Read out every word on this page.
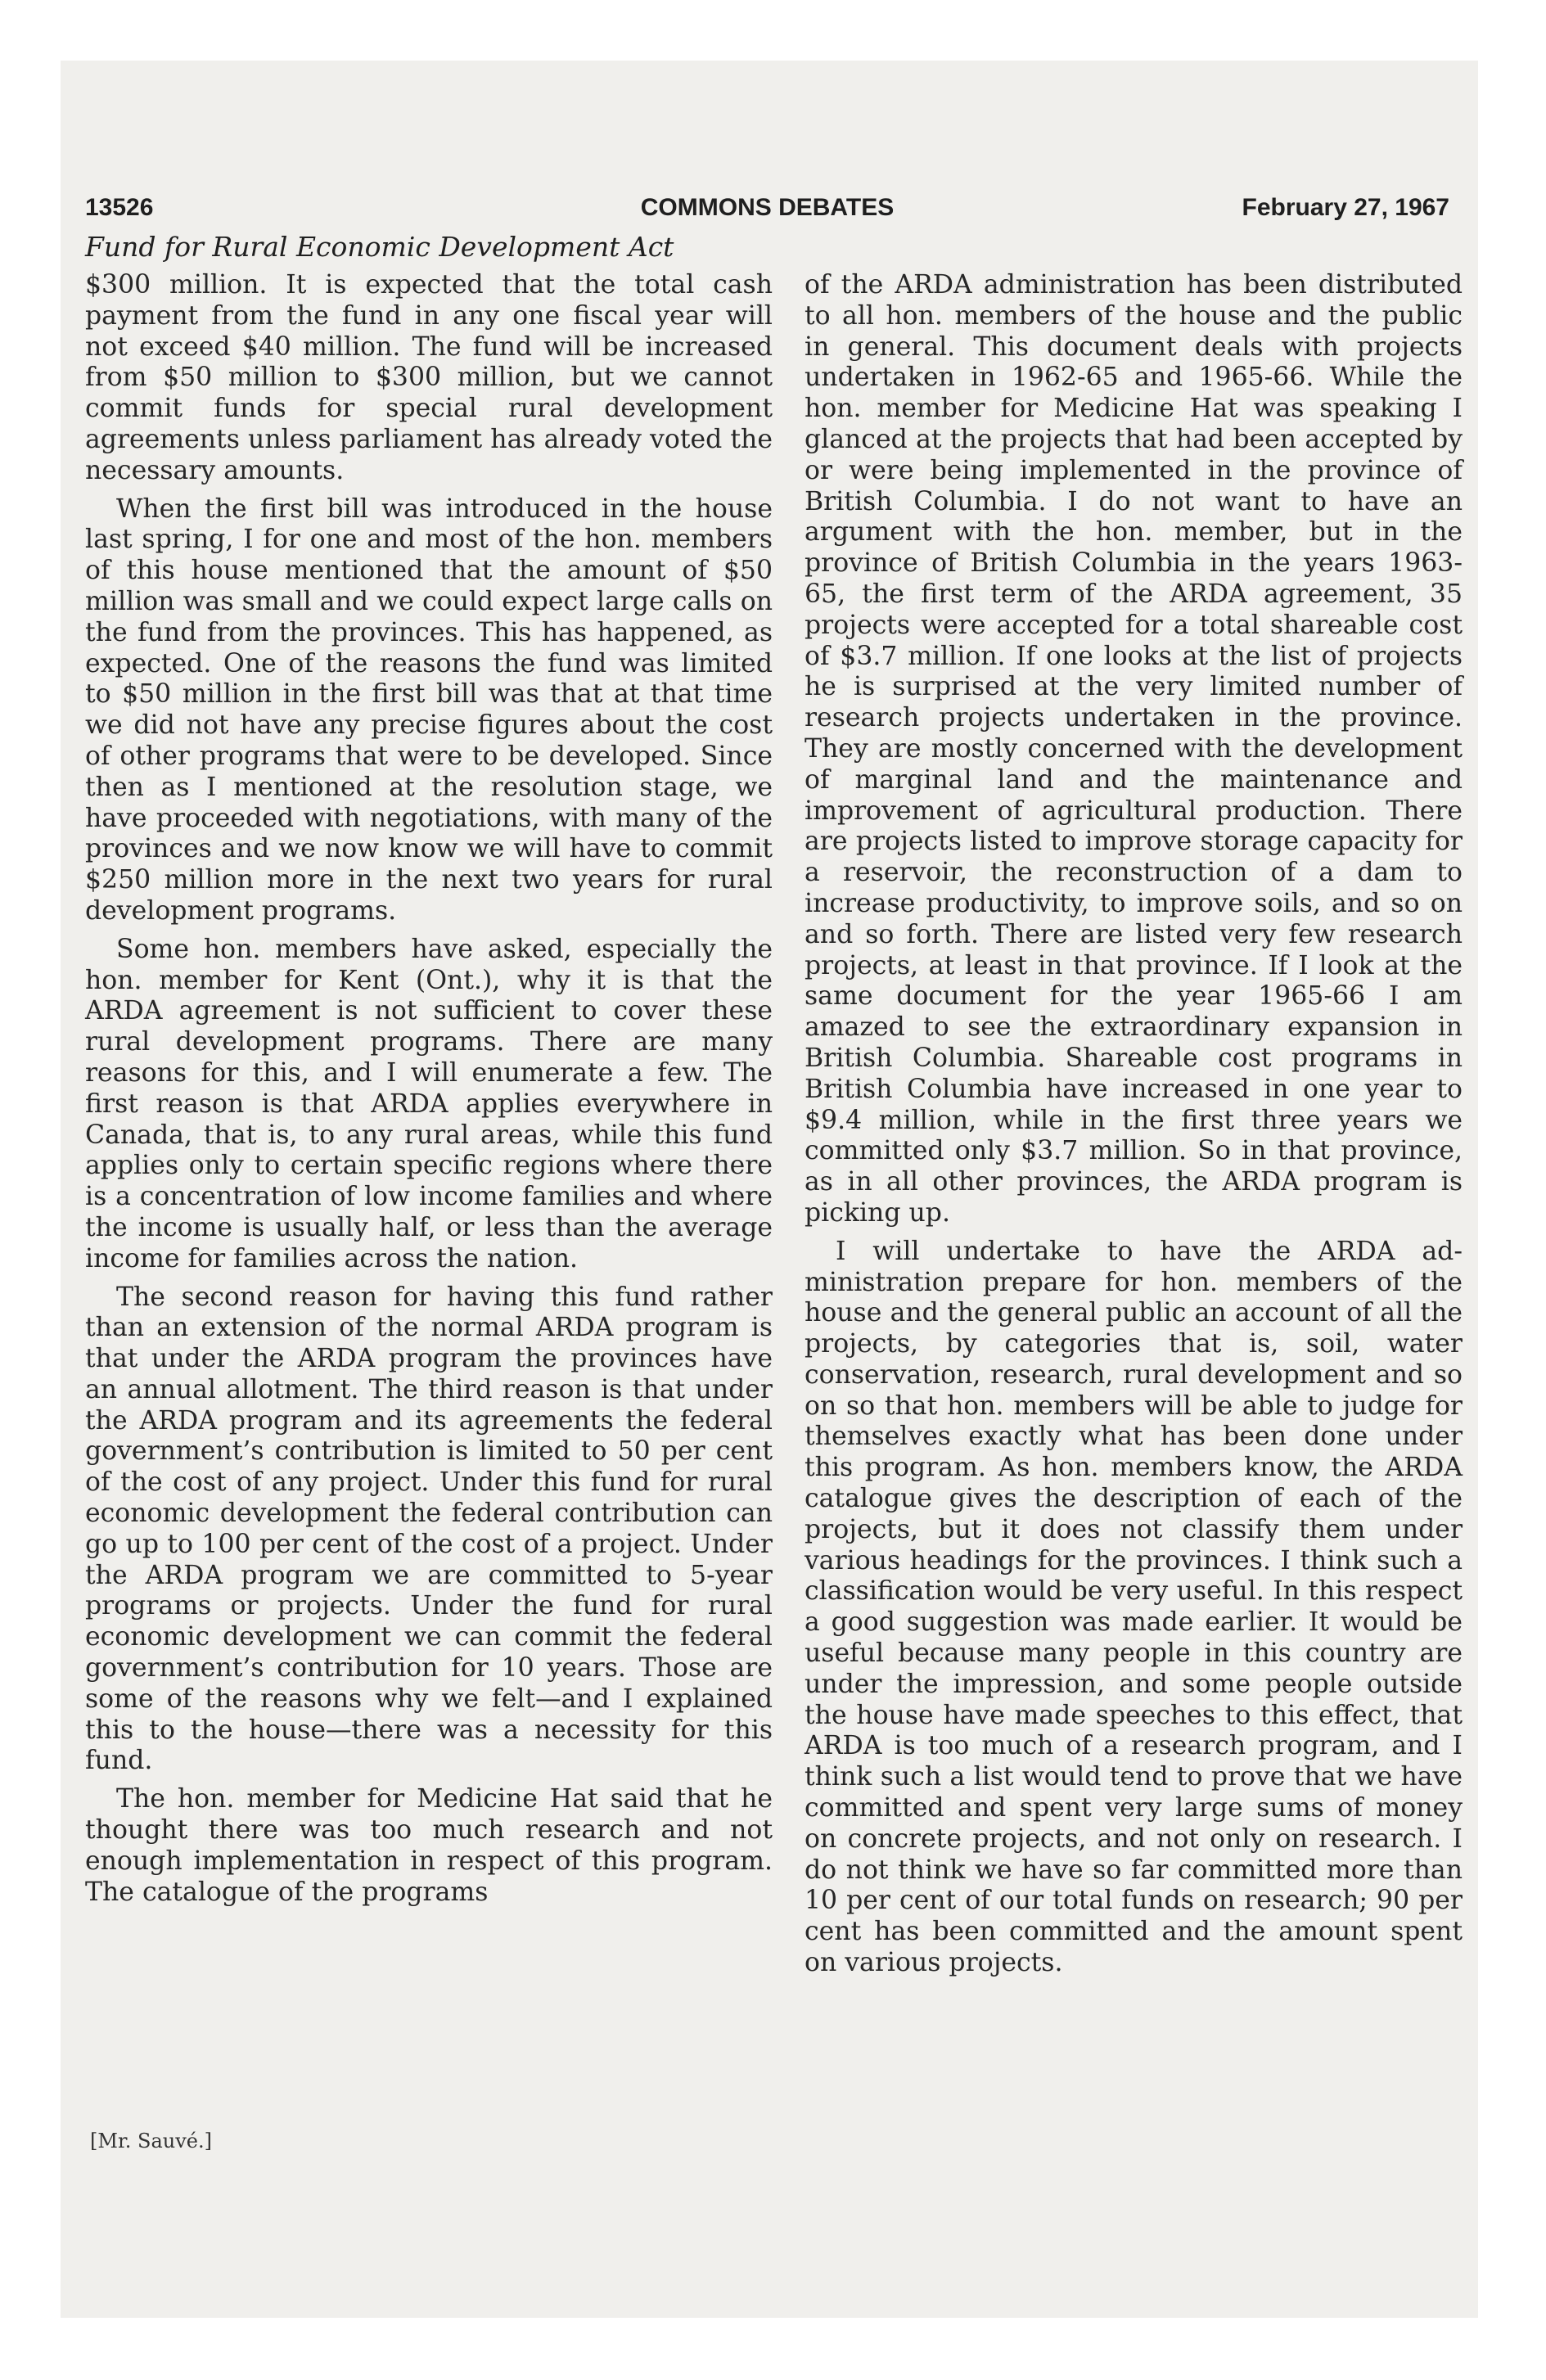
COMMONS DEBATES
13526	February 27, 1967
Fund for Rural Economic Development Act

$300 million. It is expected that the total cash payment from the fund in any one fiscal year will not exceed $40 million. The fund will be increased from $50 million to $300 million, but we cannot commit funds for special rural development agreements unless parliament has already voted the necessary amounts.

When the first bill was introduced in the house last spring, I for one and most of the hon. members of this house mentioned that the amount of $50 million was small and we could expect large calls on the fund from the provinces. This has happened, as expected. One of the reasons the fund was limited to $50 million in the first bill was that at that time we did not have any precise figures about the cost of other programs that were to be developed. Since then as I mentioned at the resolution stage, we have proceeded with negotiations, with many of the provinces and we now know we will have to commit $250 million more in the next two years for rural development programs.

Some hon. members have asked, especially the hon. member for Kent (Ont.), why it is that the ARDA agreement is not sufficient to cover these rural development programs. There are many reasons for this, and I will enumerate a few. The first reason is that ARDA applies everywhere in Canada, that is, to any rural areas, while this fund applies only to certain specific regions where there is a concentration of low income families and where the income is usually half, or less than the average income for families across the nation.

The second reason for having this fund rather than an extension of the normal ARDA program is that under the ARDA program the provinces have an annual allotment. The third reason is that under the ARDA program and its agreements the federal government’s contribution is limited to 50 per cent of the cost of any project. Under this fund for rural economic development the federal contribution can go up to 100 per cent of the cost of a project. Under the ARDA program we are committed to 5-year programs or projects. Under the fund for rural economic development we can commit the federal government’s contribution for 10 years. Those are some of the reasons why we felt—and I explained this to the house—there was a necessity for this fund.

The hon. member for Medicine Hat said that he thought there was too much research and not enough implementation in respect of this program. The catalogue of the programs

of the ARDA administration has been distributed to all hon. members of the house and the public in general. This document deals with projects undertaken in 1962-65 and 1965-66. While the hon. member for Medicine Hat was speaking I glanced at the projects that had been accepted by or were being implemented in the province of British Columbia. I do not want to have an argument with the hon. member, but in the province of British Columbia in the years 1963-65, the first term of the ARDA agreement, 35 projects were accepted for a total shareable cost of $3.7 million. If one looks at the list of projects he is surprised at the very limited number of research projects undertaken in the province. They are mostly concerned with the development of marginal land and the maintenance and improvement of agricultural production. There are projects listed to improve storage capacity for a reservoir, the reconstruction of a dam to increase productivity, to improve soils, and so on and so forth. There are listed very few research projects, at least in that province. If I look at the same document for the year 1965-66 I am amazed to see the extraordinary expansion in British Columbia. Shareable cost programs in British Columbia have increased in one year to $9.4 million, while in the first three years we committed only $3.7 million. So in that province, as in all other provinces, the ARDA program is picking up.

I will undertake to have the ARDA administration prepare for hon. members of the house and the general public an account of all the projects, by categories that is, soil, water conservation, research, rural development and so on so that hon. members will be able to judge for themselves exactly what has been done under this program. As hon. members know, the ARDA catalogue gives the description of each of the projects, but it does not classify them under various headings for the provinces. I think such a classification would be very useful. In this respect a good suggestion was made earlier. It would be useful because many people in this country are under the impression, and some people outside the house have made speeches to this effect, that ARDA is too much of a research program, and I think such a list would tend to prove that we have committed and spent very large sums of money on concrete projects, and not only on research. I do not think we have so far committed more than 10 per cent of our total funds on research; 90 per cent has been committed and the amount spent on various projects.

[Mr. Sauvé.]
